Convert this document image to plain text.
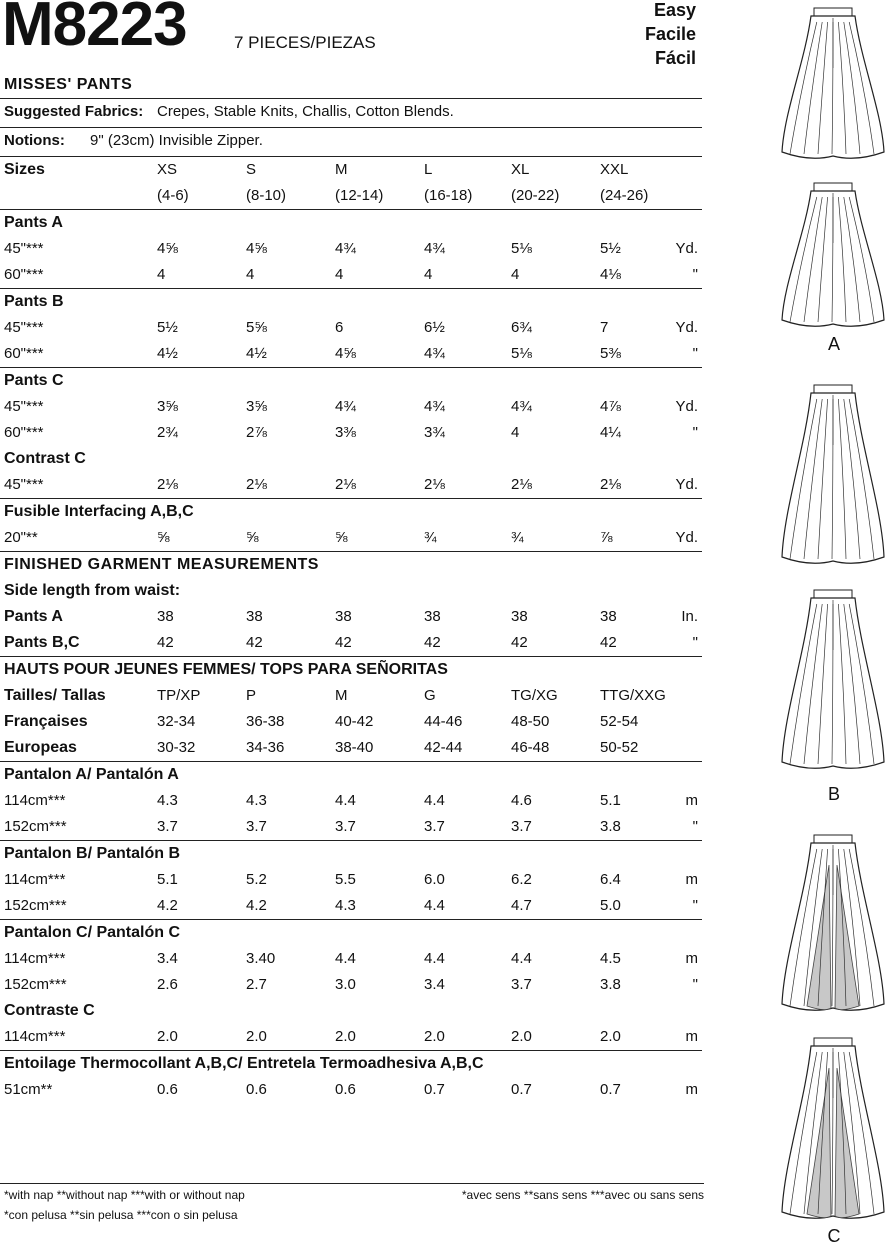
M8223	7 PIECES/PIEZAS
Easy
Facile
Fácil
MISSES' PANTS
Suggested Fabrics: Crepes, Stable Knits, Challis, Cotton Blends.
Notions: 9" (23cm) Invisible Zipper.
Sizes	XS	S	M	L	XL	XXL
(4-6)	(8-10)	(12-14)	(16-18)	(20-22)	(24-26)
Pants A
45"***	4⅝	4⅝	4¾	4¾	5⅛	5½	Yd.
60"***	4	4	4	4	4	4⅛	"
Pants B
45"***	5½	5⅝	6	6½	6¾	7	Yd.
60"***	4½	4½	4⅝	4¾	5⅛	5⅜	"
Pants C
45"***	3⅝	3⅝	4¾	4¾	4¾	4⅞	Yd.
60"***	2¾	2⅞	3⅜	3¾	4	4¼	"
Contrast C
45"***	2⅛	2⅛	2⅛	2⅛	2⅛	2⅛	Yd.
Fusible Interfacing A,B,C
20"**	⅝	⅝	⅝	¾	¾	⅞	Yd.
FINISHED GARMENT MEASUREMENTS
Side length from waist:
Pants A	38	38	38	38	38	38	In.
Pants B,C	42	42	42	42	42	42	"
HAUTS POUR JEUNES FEMMES/ TOPS PARA SEÑORITAS
Tailles/ Tallas	TP/XP	P	M	G	TG/XG	TTG/XXG
Françaises	32-34	36-38	40-42	44-46	48-50	52-54
Europeas	30-32	34-36	38-40	42-44	46-48	50-52
Pantalon A/ Pantalón A
114cm***	4.3	4.3	4.4	4.4	4.6	5.1	m
152cm***	3.7	3.7	3.7	3.7	3.7	3.8	"
Pantalon B/ Pantalón B
114cm***	5.1	5.2	5.5	6.0	6.2	6.4	m
152cm***	4.2	4.2	4.3	4.4	4.7	5.0	"
Pantalon C/ Pantalón C
114cm***	3.4	3.40	4.4	4.4	4.4	4.5	m
152cm***	2.6	2.7	3.0	3.4	3.7	3.8	"
Contraste C
114cm***	2.0	2.0	2.0	2.0	2.0	2.0	m
Entoilage Thermocollant A,B,C/ Entretela Termoadhesiva A,B,C
51cm**	0.6	0.6	0.6	0.7	0.7	0.7	m
*with nap **without nap ***with or without nap
*con pelusa **sin pelusa ***con o sin pelusa
*avec sens **sans sens ***avec ou sans sens
A
B
C
